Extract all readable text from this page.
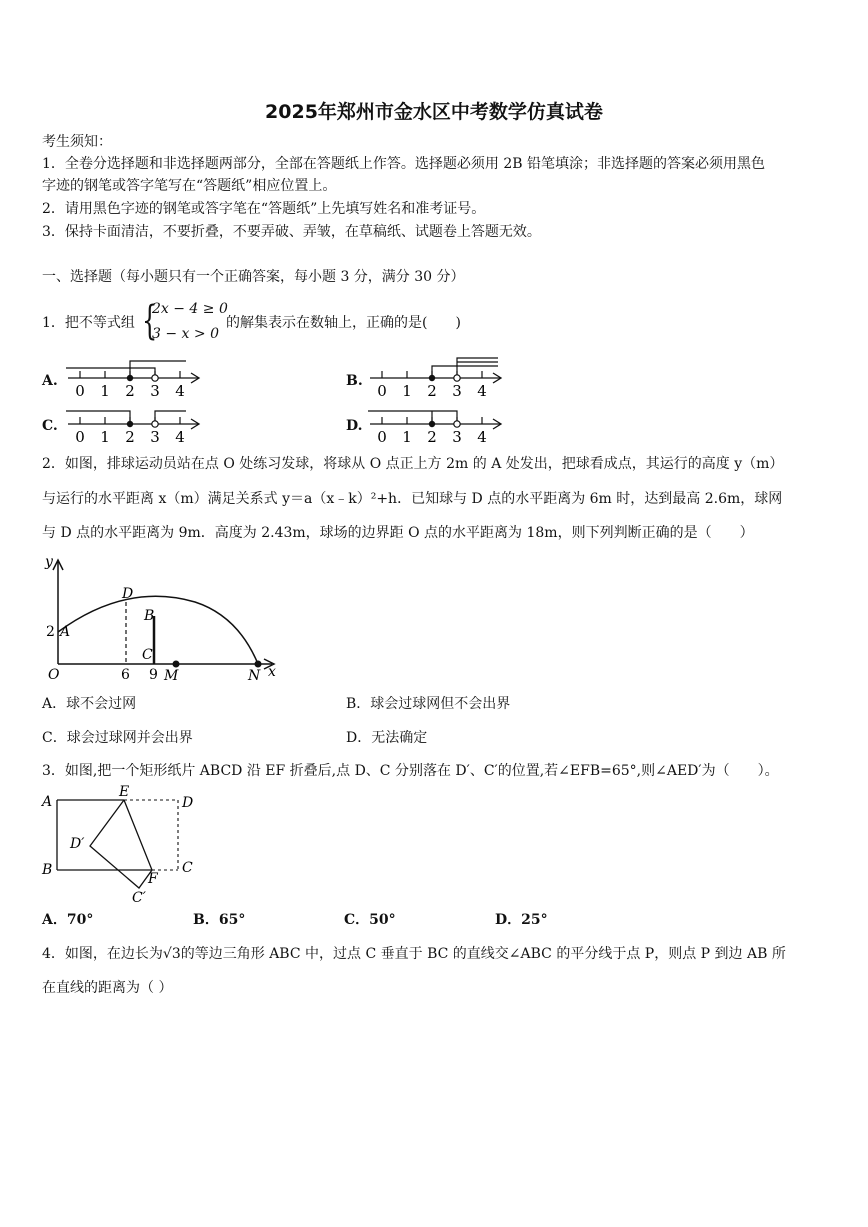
2025年郑州市金水区中考数学仿真试卷
考生须知：
1．全卷分选择题和非选择题两部分，全部在答题纸上作答。选择题必须用 2B 铅笔填涂；非选择题的答案必须用黑色
字迹的钢笔或答字笔写在“答题纸”相应位置上。
2．请用黑色字迹的钢笔或答字笔在“答题纸”上先填写姓名和准考证号。
3．保持卡面清洁，不要折叠，不要弄破、弄皱，在草稿纸、试题卷上答题无效。
一、选择题（每小题只有一个正确答案，每小题 3 分，满分 30 分）
1．把不等式组 {
2x − 4 ≥ 0
3 − x > 0
的解集表示在数轴上，正确的是(　　)
A.	B.
C.	D.
0 1 2 3 4	0 1 2 3 4
0 1 2 3 4	0 1 2 3 4
2．如图，排球运动员站在点 O 处练习发球，将球从 O 点正上方 2m 的 A 处发出，把球看成点，其运行的高度 y（m）
与运行的水平距离 x（m）满足关系式 y＝a（x﹣k）²+h．已知球与 D 点的水平距离为 6m 时，达到最高 2.6m，球网
与 D 点的水平距离为 9m．高度为 2.43m，球场的边界距 O 点的水平距离为 18m，则下列判断正确的是（　　）
y
x
O
A
D
B
C
M	N
2
6 9
A．球不会过网	B．球会过球网但不会出界
C．球会过球网并会出界	D．无法确定
3．如图,把一个矩形纸片 ABCD 沿 EF 折叠后,点 D、C 分别落在 D′、C′的位置,若∠EFB=65°,则∠AED′为（　　）。
A
E
D
D′
B
F
C
C′
A．70°	B．65°	C．50°	D．25°
4．如图，在边长为√3的等边三角形 ABC 中，过点 C 垂直于 BC 的直线交∠ABC 的平分线于点 P，则点 P 到边 AB 所
在直线的距离为（ ）
